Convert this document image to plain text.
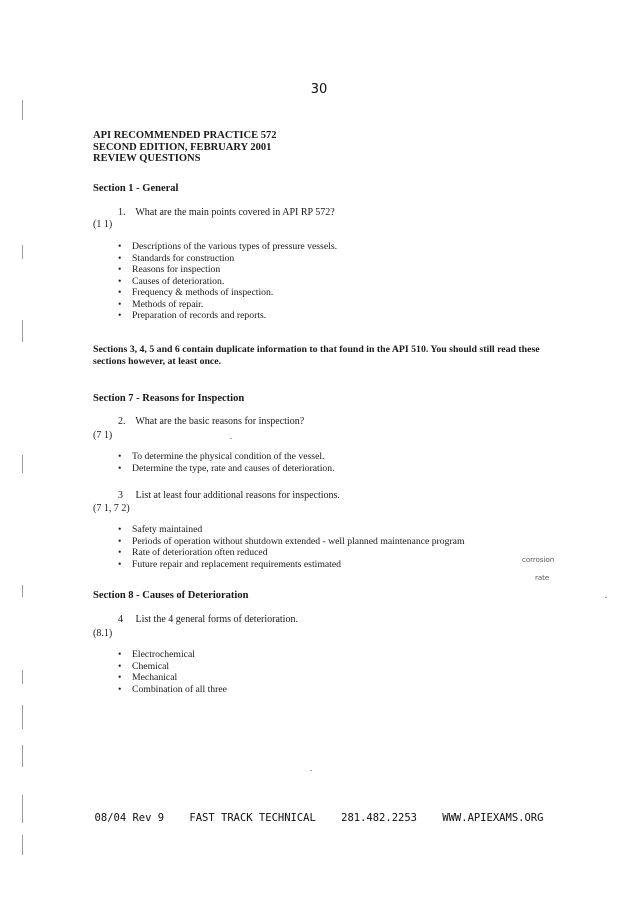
30
API RECOMMENDED PRACTICE 572
SECOND EDITION, FEBRUARY 2001
REVIEW QUESTIONS
Section 1 - General
1. What are the main points covered in API RP 572?
(1 1)
• Descriptions of the various types of pressure vessels.
• Standards for construction
• Reasons for inspection
• Causes of deterioration.
• Frequency & methods of inspection.
• Methods of repair.
• Preparation of records and reports.
Sections 3, 4, 5 and 6 contain duplicate information to that found in the API 510. You should still read these sections however, at least once.
Section 7 - Reasons for Inspection
2. What are the basic reasons for inspection?
(7 1)
• To determine the physical condition of the vessel.
• Determine the type, rate and causes of deterioration.
3 List at least four additional reasons for inspections.
(7 1, 7 2)
• Safety maintained
• Periods of operation without shutdown extended - well planned maintenance program
• Rate of deterioration often reduced
• Future repair and replacement requirements estimated	corrosion
rate
Section 8 - Causes of Deterioration
4 List the 4 general forms of deterioration.
(8.1)
• Electrochemical
• Chemical
• Mechanical
• Combination of all three
08/04 Rev 9 FAST TRACK TECHNICAL 281.482.2253 WWW.APIEXAMS.ORG
